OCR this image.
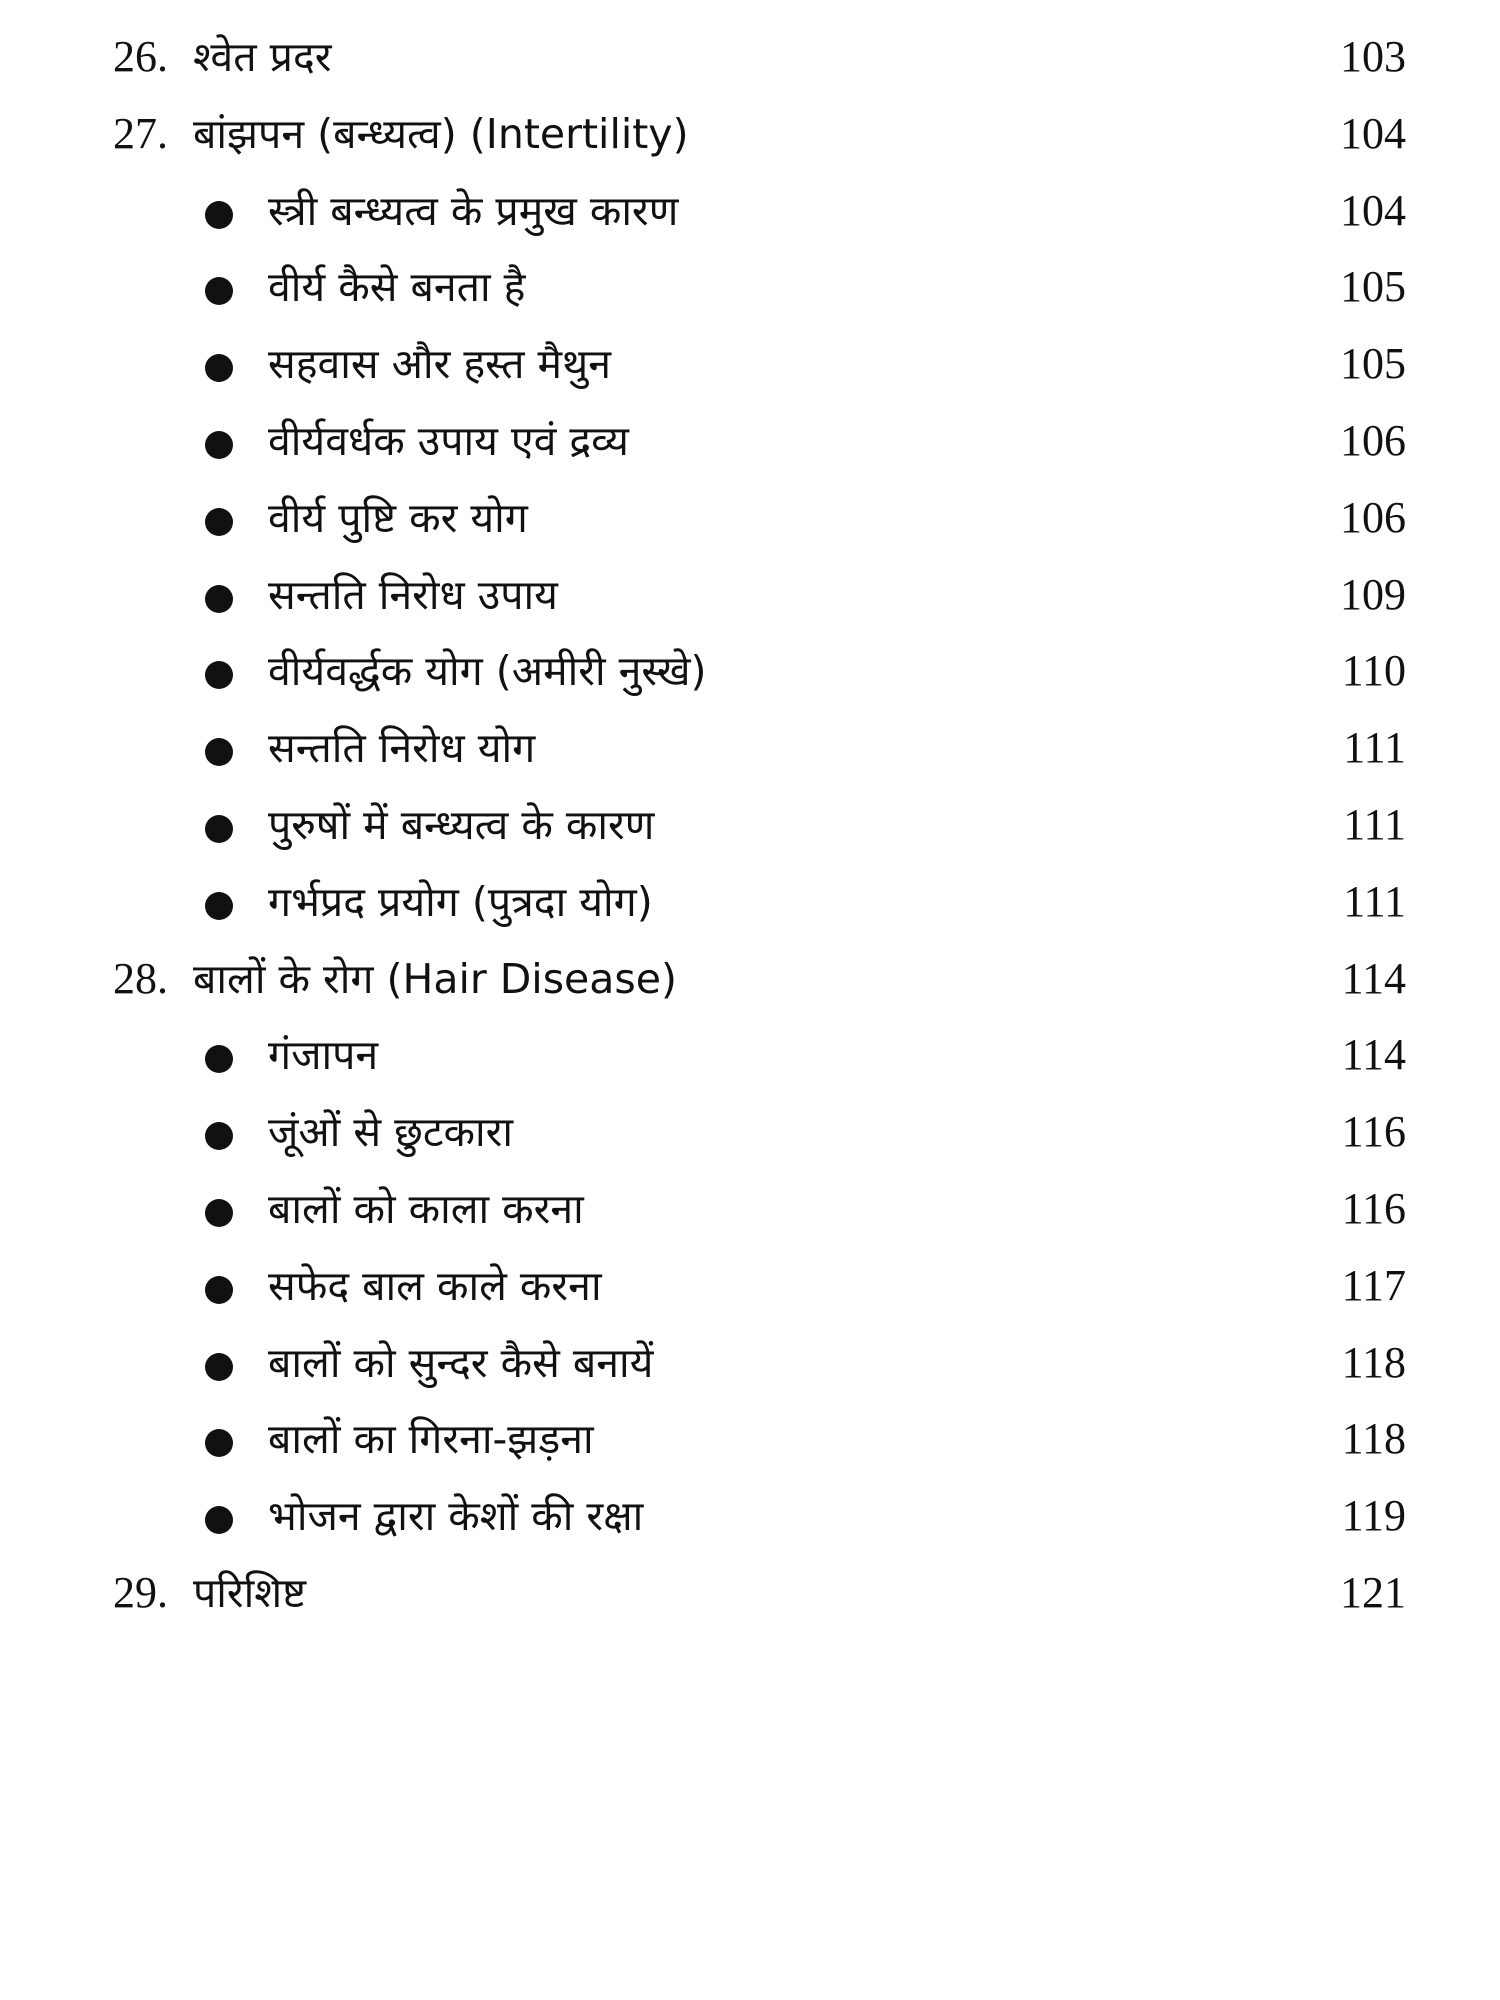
26. श्वेत प्रदर	103
27. बांझपन (बन्ध्यत्व) (Intertility)	104
स्त्री बन्ध्यत्व के प्रमुख कारण	104
वीर्य कैसे बनता है	105
सहवास और हस्त मैथुन	105
वीर्यवर्धक उपाय एवं द्रव्य	106
वीर्य पुष्टि कर योग	106
सन्तति निरोध उपाय	109
वीर्यवर्द्धक योग (अमीरी नुस्खे)	110
सन्तति निरोध योग	111
पुरुषों में बन्ध्यत्व के कारण	111
गर्भप्रद प्रयोग (पुत्रदा योग)	111
28. बालों के रोग (Hair Disease)	114
गंजापन	114
जूंओं से छुटकारा	116
बालों को काला करना	116
सफेद बाल काले करना	117
बालों को सुन्दर कैसे बनायें	118
बालों का गिरना-झड़ना	118
भोजन द्वारा केशों की रक्षा	119
29. परिशिष्ट	121
